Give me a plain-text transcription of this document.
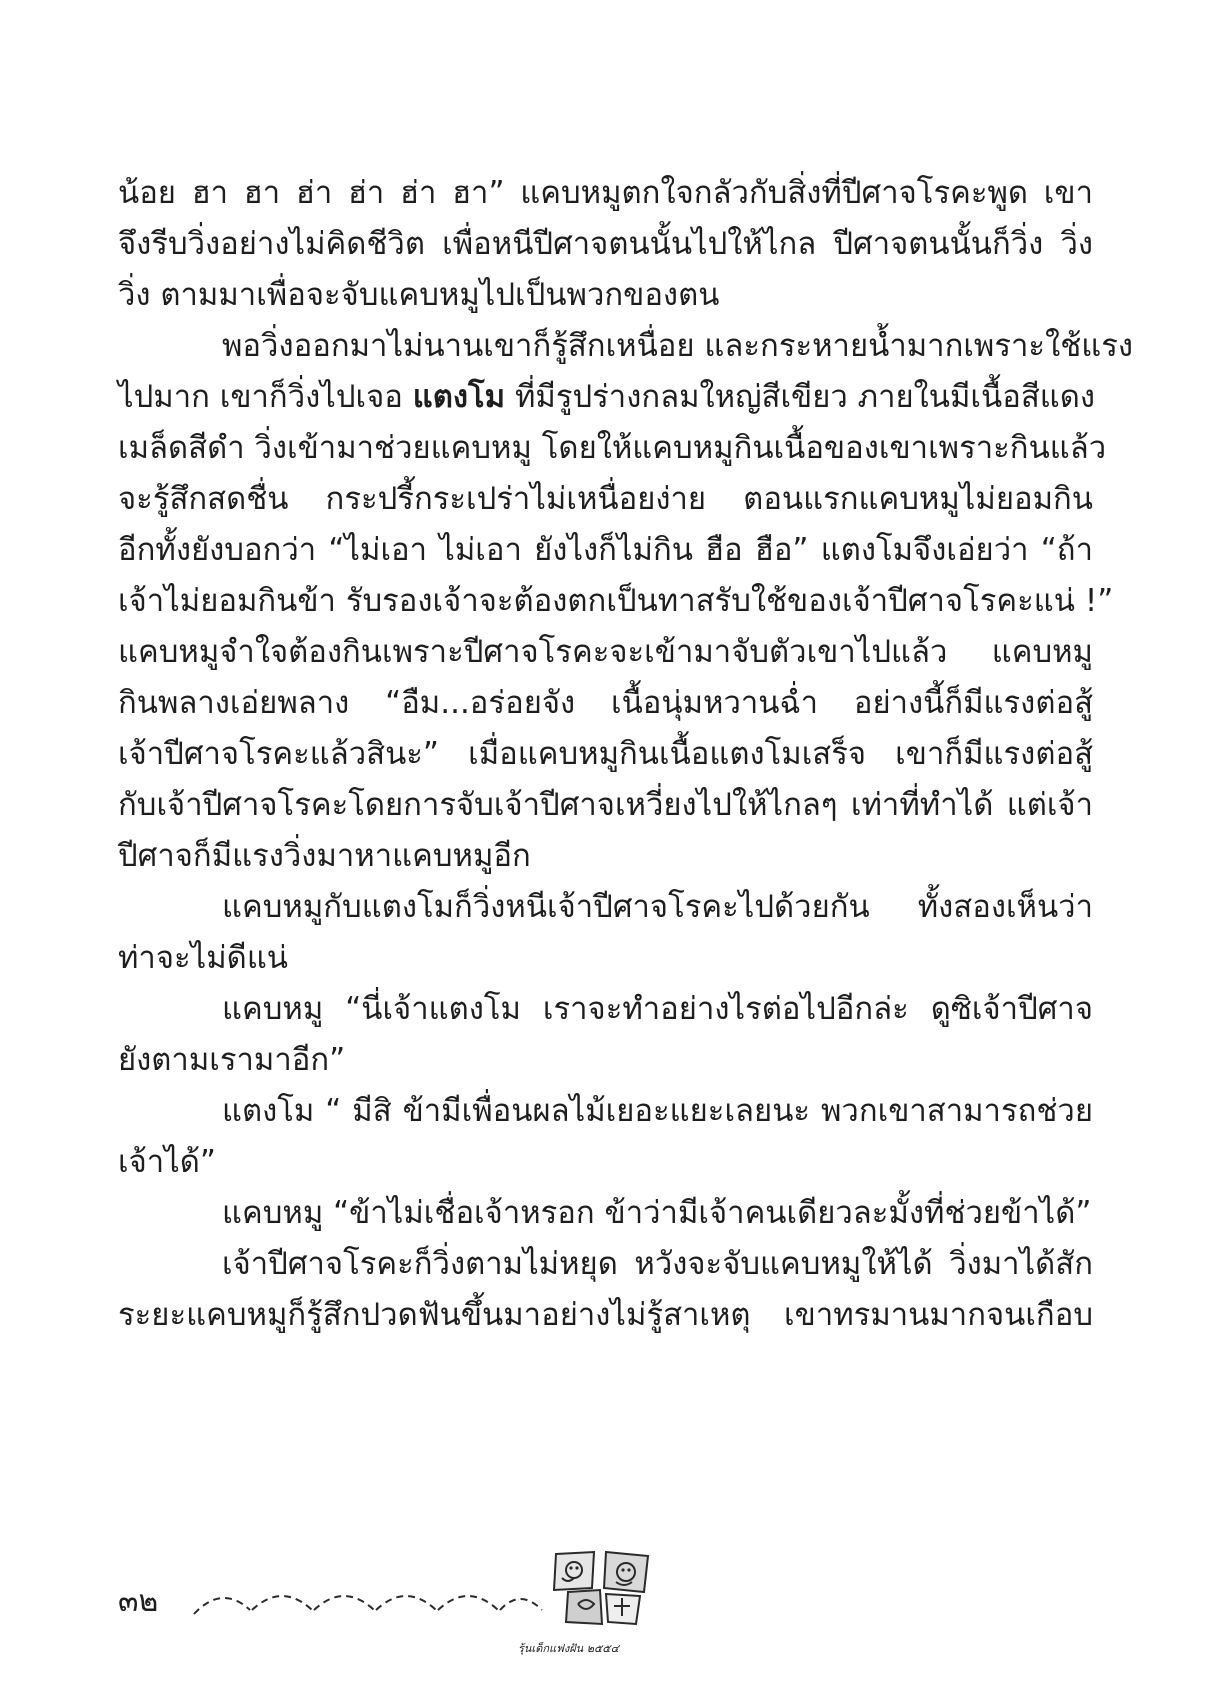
น้อย ฮา ฮา ฮ่า ฮ่า ฮ่า ฮา” แคบหมูตกใจกลัวกับสิ่งที่ปีศาจโรคะพูด เขา
จึงรีบวิ่งอย่างไม่คิดชีวิต เพื่อหนีปีศาจตนนั้นไปให้ไกล ปีศาจตนนั้นก็วิ่ง วิ่ง
วิ่ง ตามมาเพื่อจะจับแคบหมูไปเป็นพวกของตน
พอวิ่งออกมาไม่นานเขาก็รู้สึกเหนื่อย และกระหายน้ำมากเพราะใช้แรง
ไปมาก เขาก็วิ่งไปเจอ แตงโม ที่มีรูปร่างกลมใหญ่สีเขียว ภายในมีเนื้อสีแดง
เมล็ดสีดำ วิ่งเข้ามาช่วยแคบหมู โดยให้แคบหมูกินเนื้อของเขาเพราะกินแล้ว
จะรู้สึกสดชื่น กระปรี้กระเปร่าไม่เหนื่อยง่าย ตอนแรกแคบหมูไม่ยอมกิน
อีกทั้งยังบอกว่า “ไม่เอา ไม่เอา ยังไงก็ไม่กิน ฮือ ฮือ” แตงโมจึงเอ่ยว่า “ถ้า
เจ้าไม่ยอมกินข้า รับรองเจ้าจะต้องตกเป็นทาสรับใช้ของเจ้าปีศาจโรคะแน่ !”
แคบหมูจำใจต้องกินเพราะปีศาจโรคะจะเข้ามาจับตัวเขาไปแล้ว แคบหมู
กินพลางเอ่ยพลาง “อืม...อร่อยจัง เนื้อนุ่มหวานฉ่ำ อย่างนี้ก็มีแรงต่อสู้
เจ้าปีศาจโรคะแล้วสินะ” เมื่อแคบหมูกินเนื้อแตงโมเสร็จ เขาก็มีแรงต่อสู้
กับเจ้าปีศาจโรคะโดยการจับเจ้าปีศาจเหวี่ยงไปให้ไกลๆ เท่าที่ทำได้ แต่เจ้า
ปีศาจก็มีแรงวิ่งมาหาแคบหมูอีก
แคบหมูกับแตงโมก็วิ่งหนีเจ้าปีศาจโรคะไปด้วยกัน ทั้งสองเห็นว่า
ท่าจะไม่ดีแน่
แคบหมู “นี่เจ้าแตงโม เราจะทำอย่างไรต่อไปอีกล่ะ ดูซิเจ้าปีศาจ
ยังตามเรามาอีก”
แตงโม “ มีสิ ข้ามีเพื่อนผลไม้เยอะแยะเลยนะ พวกเขาสามารถช่วย
เจ้าได้”
แคบหมู “ข้าไม่เชื่อเจ้าหรอก ข้าว่ามีเจ้าคนเดียวละมั้งที่ช่วยข้าได้”
เจ้าปีศาจโรคะก็วิ่งตามไม่หยุด หวังจะจับแคบหมูให้ได้ วิ่งมาได้สัก
ระยะแคบหมูก็รู้สึกปวดฟันขึ้นมาอย่างไม่รู้สาเหตุ เขาทรมานมากจนเกือบ
๓๒
รุ้นเด็กแฟงฝัน ๒๕๕๔
